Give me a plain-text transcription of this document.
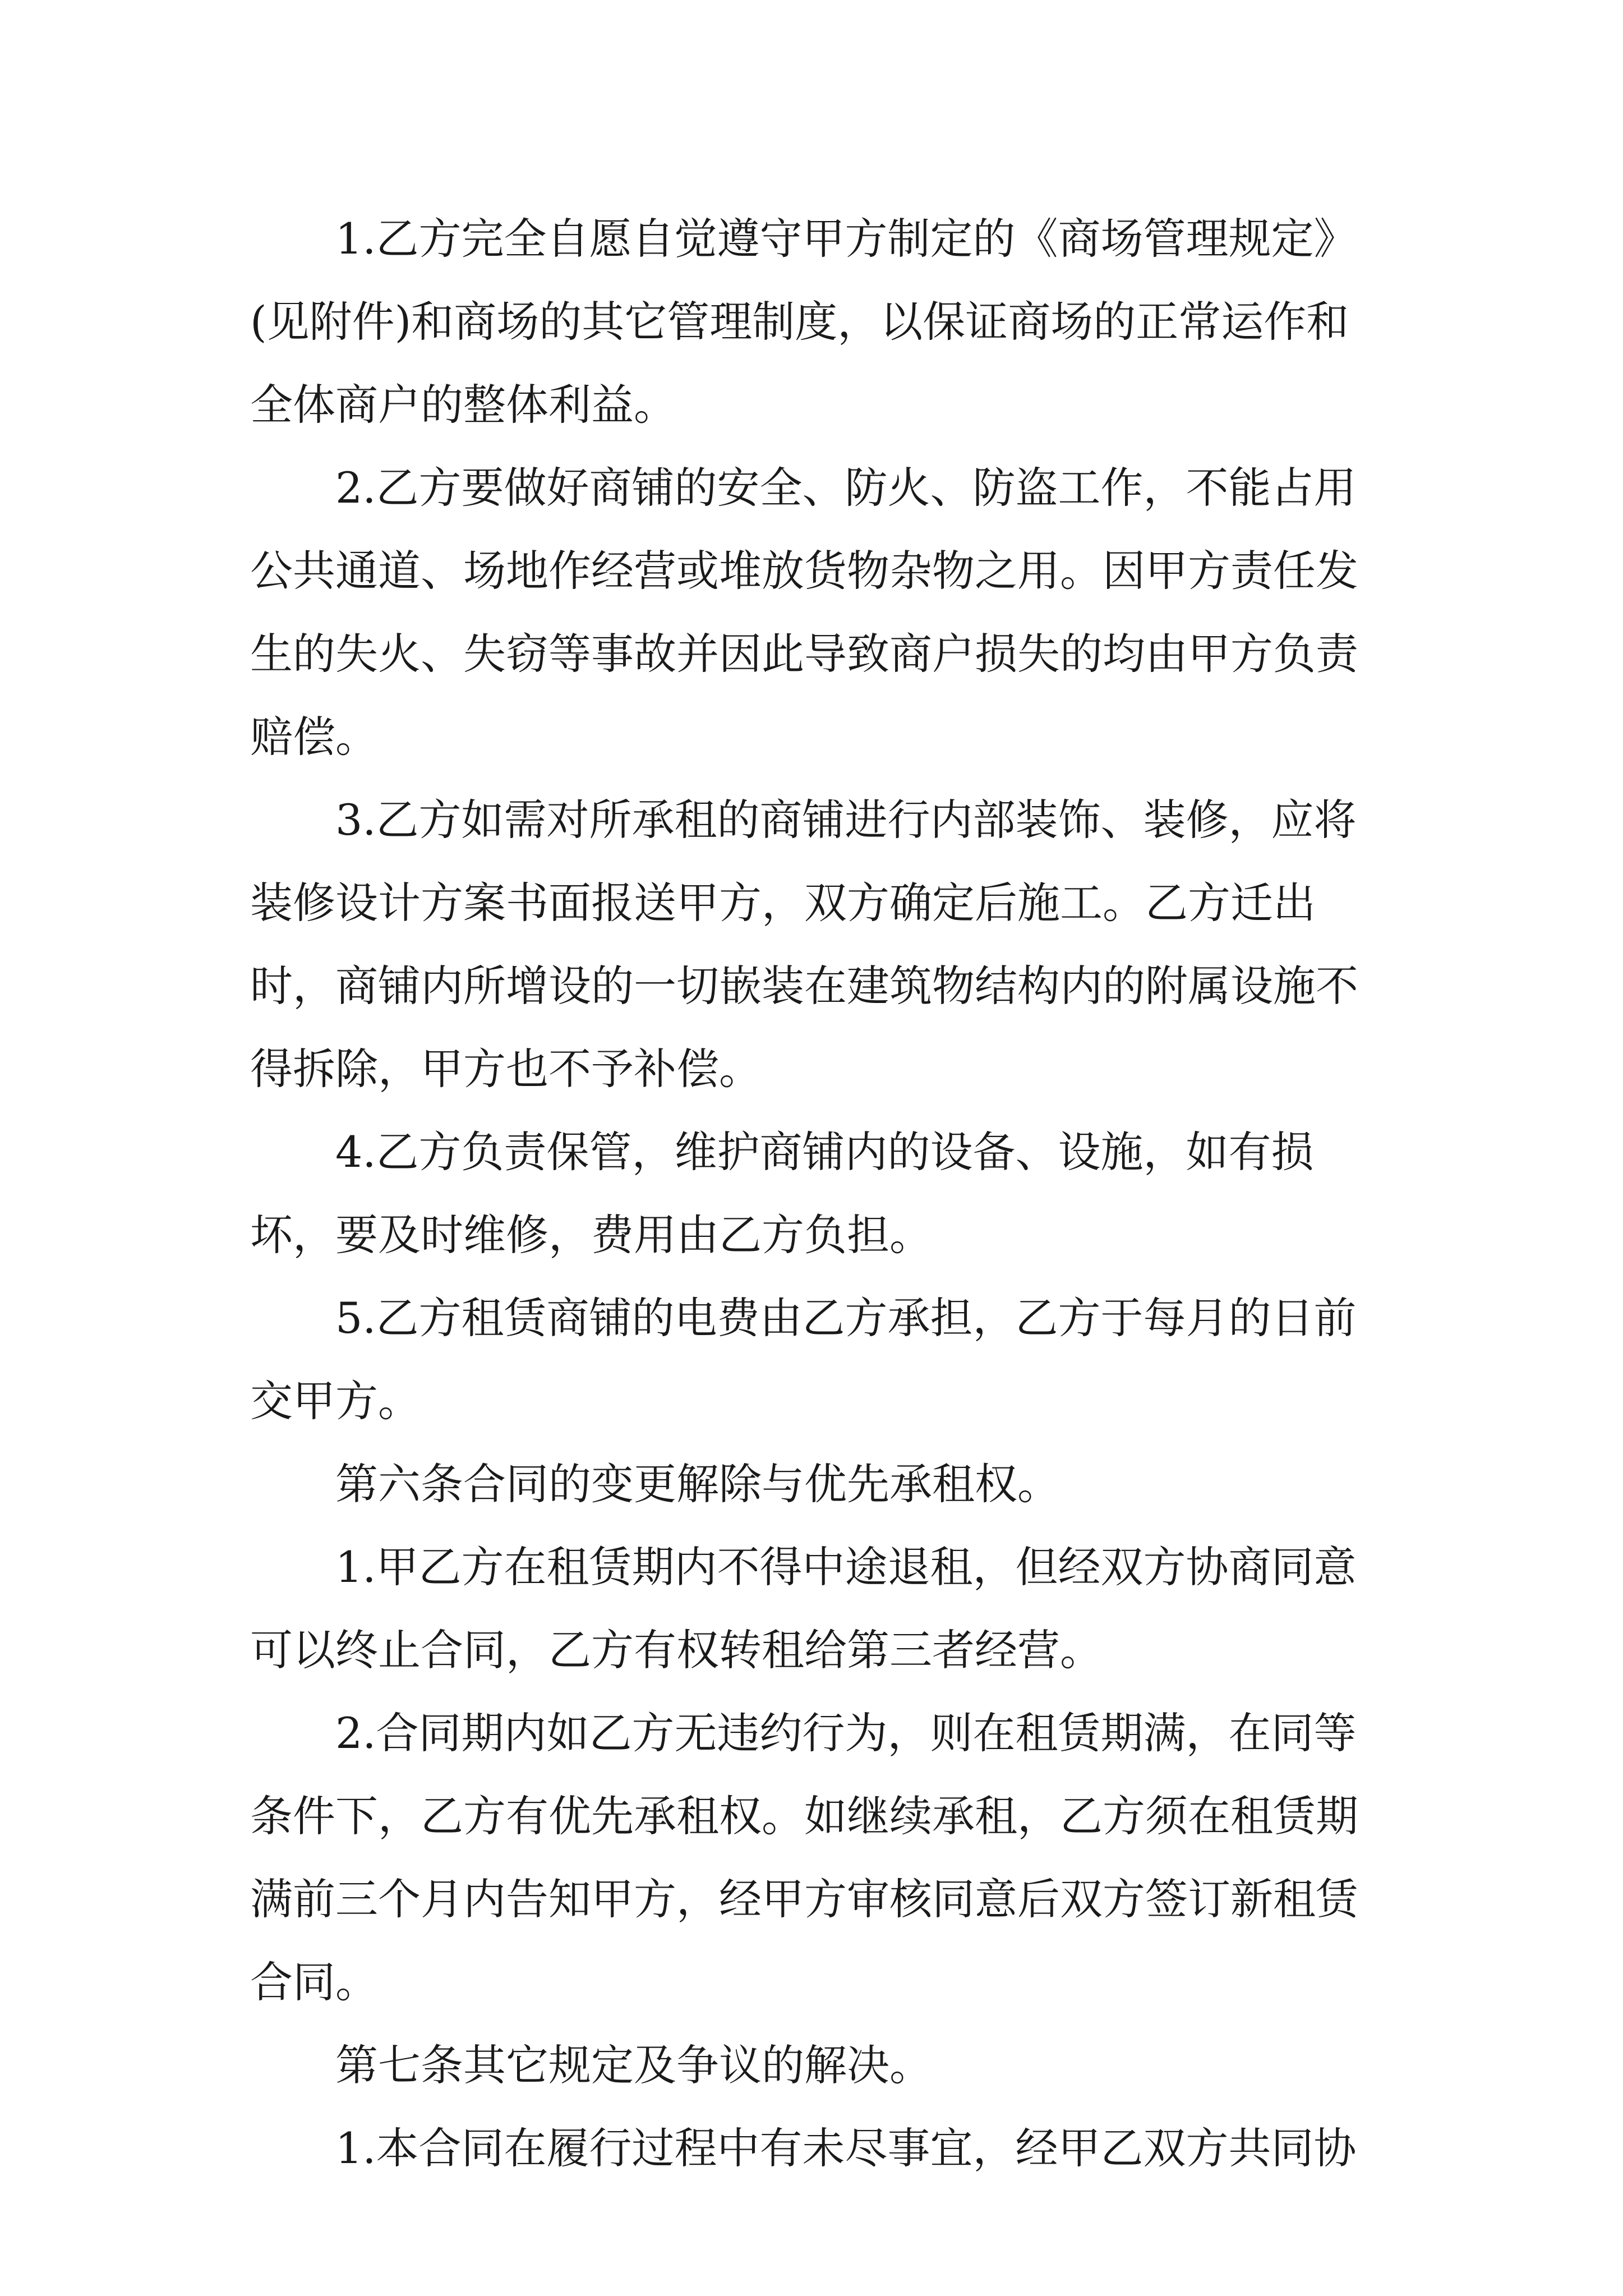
1.乙方完全自愿自觉遵守甲方制定的《商场管理规定》(见附件)和商场的其它管理制度，以保证商场的正常运作和全体商户的整体利益。

2.乙方要做好商铺的安全、防火、防盗工作，不能占用公共通道、场地作经营或堆放货物杂物之用。因甲方责任发生的失火、失窃等事故并因此导致商户损失的均由甲方负责赔偿。

3.乙方如需对所承租的商铺进行内部装饰、装修，应将装修设计方案书面报送甲方，双方确定后施工。乙方迁出时，商铺内所增设的一切嵌装在建筑物结构内的附属设施不得拆除，甲方也不予补偿。

4.乙方负责保管，维护商铺内的设备、设施，如有损坏，要及时维修，费用由乙方负担。

5.乙方租赁商铺的电费由乙方承担，乙方于每月的日前交甲方。

第六条合同的变更解除与优先承租权。

1.甲乙方在租赁期内不得中途退租，但经双方协商同意可以终止合同，乙方有权转租给第三者经营。

2.合同期内如乙方无违约行为，则在租赁期满，在同等条件下，乙方有优先承租权。如继续承租，乙方须在租赁期满前三个月内告知甲方，经甲方审核同意后双方签订新租赁合同。

第七条其它规定及争议的解决。

1.本合同在履行过程中有未尽事宜，经甲乙双方共同协
